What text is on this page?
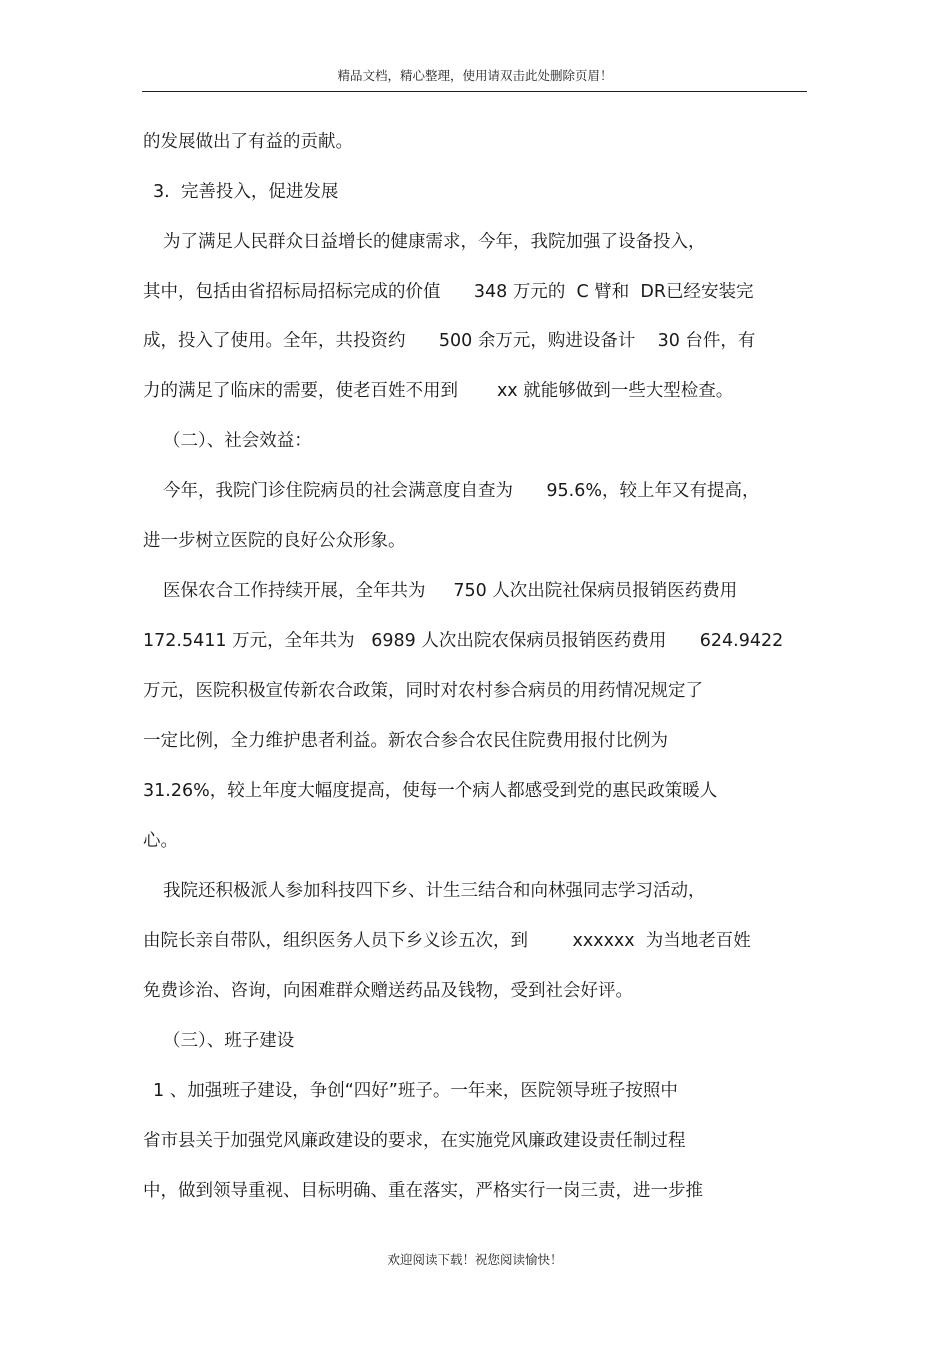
精品文档，精心整理，使用请双击此处删除页眉！
的发展做出了有益的贡献。
3.  完善投入，促进发展
为了满足人民群众日益增长的健康需求，今年，我院加强了设备投入，
其中，包括由省招标局招标完成的价值      348 万元的  C 臂和  DR已经安装完
成，投入了使用。全年，共投资约      500 余万元，购进设备计    30 台件，有
力的满足了临床的需要，使老百姓不用到       xx 就能够做到一些大型检查。
（二）、社会效益：
今年，我院门诊住院病员的社会满意度自查为      95.6%，较上年又有提高，
进一步树立医院的良好公众形象。
医保农合工作持续开展，全年共为     750 人次出院社保病员报销医药费用
172.5411 万元，全年共为   6989 人次出院农保病员报销医药费用      624.9422
万元，医院积极宣传新农合政策，同时对农村参合病员的用药情况规定了
一定比例，全力维护患者利益。新农合参合农民住院费用报付比例为
31.26%，较上年度大幅度提高，使每一个病人都感受到党的惠民政策暖人
心。
我院还积极派人参加科技四下乡、计生三结合和向林强同志学习活动，
由院长亲自带队，组织医务人员下乡义诊五次，到        xxxxxx  为当地老百姓
免费诊治、咨询，向困难群众赠送药品及钱物，受到社会好评。
（三）、班子建设
1 、加强班子建设，争创“四好”班子。一年来，医院领导班子按照中
省市县关于加强党风廉政建设的要求，在实施党风廉政建设责任制过程
中，做到领导重视、目标明确、重在落实，严格实行一岗三责，进一步推
欢迎阅读下载！祝您阅读愉快！
